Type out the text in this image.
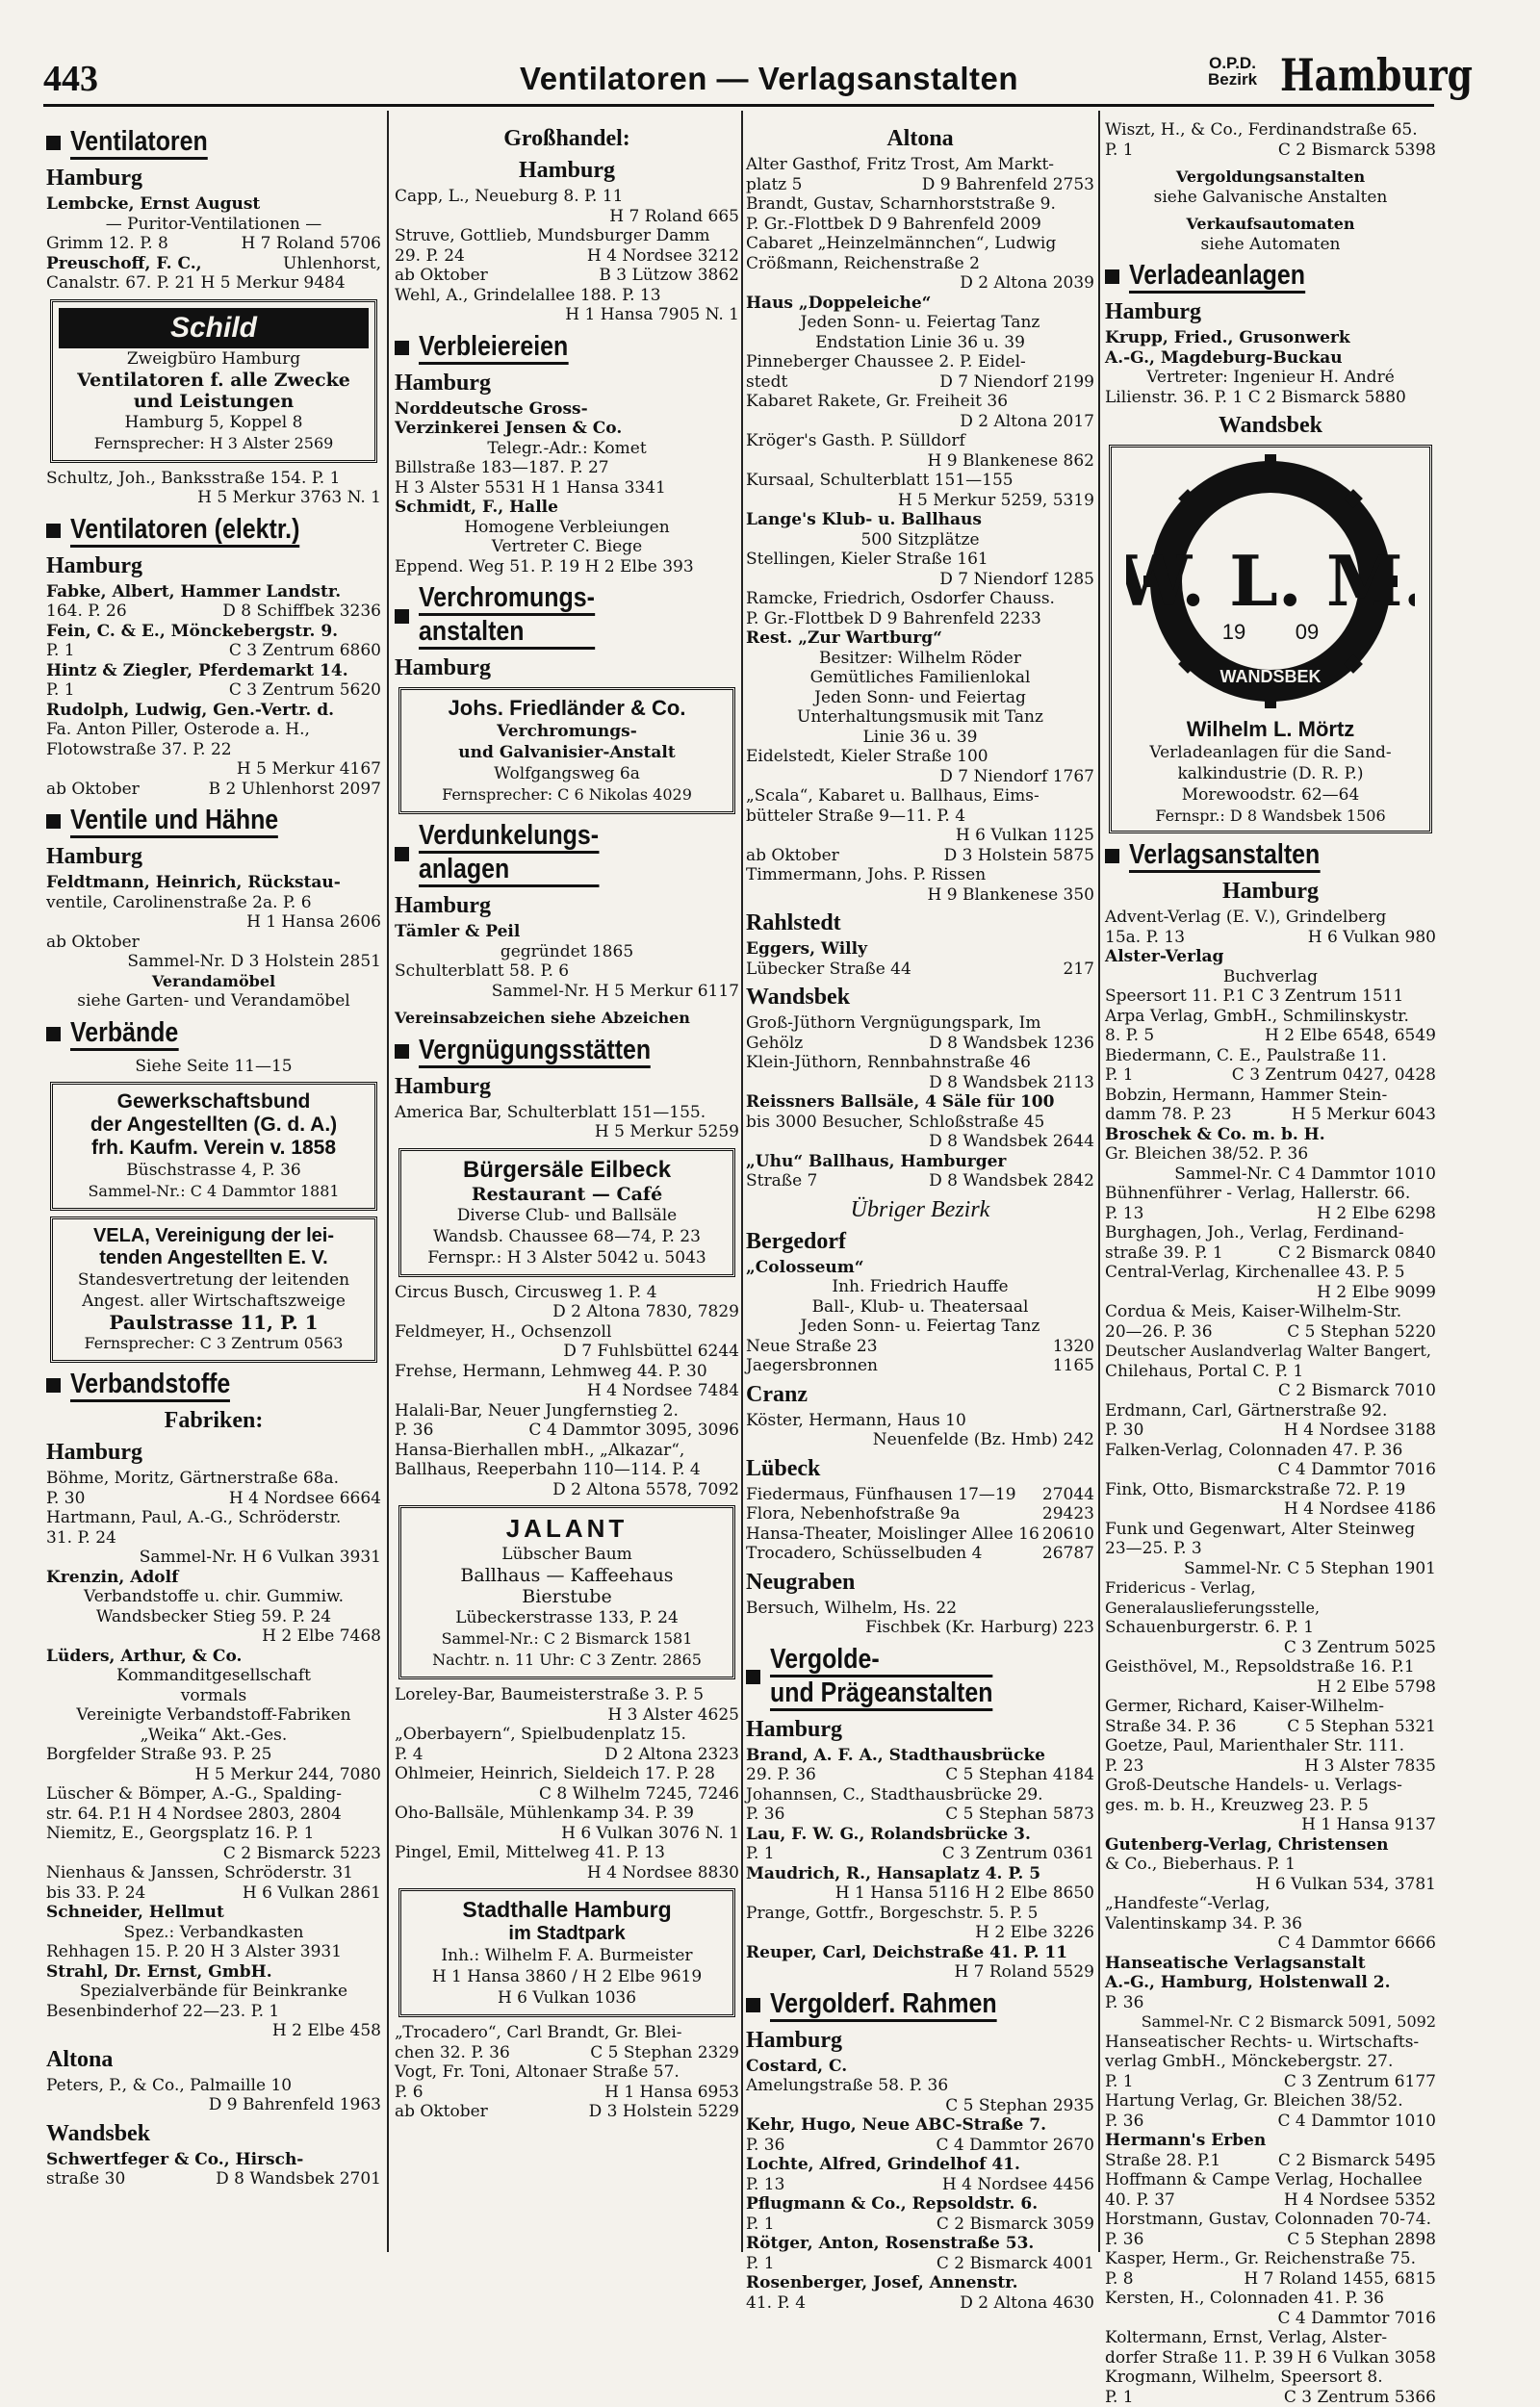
443	Ventilatoren — Verlagsanstalten	O.P.D.
Bezirk Hamburg
Ventilatoren
Hamburg
Lembcke, Ernst August
— Puritor-Ventilationen —
Grimm 12. P. 8	H 7 Roland 5706
Preuschoff, F. C.,	Uhlenhorst,
Canalstr. 67. P. 21 H 5 Merkur 9484
Schild
Zweigbüro Hamburg
Ventilatoren f. alle Zwecke
und Leistungen
Hamburg 5, Koppel 8
Fernsprecher: H 3 Alster 2569
Schultz, Joh., Banksstraße 154. P. 1
H 5 Merkur 3763 N. 1
Ventilatoren (elektr.)
Hamburg
Fabke, Albert, Hammer Landstr.
164. P. 26	D 8 Schiffbek 3236
Fein, C. & E., Mönckebergstr. 9.
P. 1	C 3 Zentrum 6860
Hintz & Ziegler, Pferdemarkt 14.
P. 1	C 3 Zentrum 5620
Rudolph, Ludwig, Gen.-Vertr. d.
Fa. Anton Piller, Osterode a. H.,
Flotowstraße 37. P. 22
H 5 Merkur 4167
ab Oktober	B 2 Uhlenhorst 2097
Ventile und Hähne
Hamburg
Feldtmann, Heinrich, Rückstau-
ventile, Carolinenstraße 2a. P. 6
H 1 Hansa 2606
ab Oktober
Sammel-Nr. D 3 Holstein 2851
Verandamöbel
siehe Garten- und Verandamöbel
Verbände
Siehe Seite 11—15
Gewerkschaftsbund
der Angestellten (G. d. A.)
frh. Kaufm. Verein v. 1858
Büschstrasse 4, P. 36
Sammel-Nr.: C 4 Dammtor 1881
VELA, Vereinigung der lei-
tenden Angestellten E. V.
Standesvertretung der leitenden
Angest. aller Wirtschaftszweige
Paulstrasse 11, P. 1
Fernsprecher: C 3 Zentrum 0563
Verbandstoffe
Fabriken:
Hamburg
Böhme, Moritz, Gärtnerstraße 68a.
P. 30	H 4 Nordsee 6664
Hartmann, Paul, A.-G., Schröderstr.
31. P. 24
Sammel-Nr. H 6 Vulkan 3931
Krenzin, Adolf
Verbandstoffe u. chir. Gummiw.
Wandsbecker Stieg 59. P. 24
H 2 Elbe 7468
Lüders, Arthur, & Co.
Kommanditgesellschaft
vormals
Vereinigte Verbandstoff-Fabriken
„Weika“ Akt.-Ges.
Borgfelder Straße 93. P. 25
H 5 Merkur 244, 7080
Lüscher & Bömper, A.-G., Spalding-
str. 64. P.1 H 4 Nordsee 2803, 2804
Niemitz, E., Georgsplatz 16. P. 1
C 2 Bismarck 5223
Nienhaus & Janssen, Schröderstr. 31
bis 33. P. 24	H 6 Vulkan 2861
Schneider, Hellmut
Spez.: Verbandkasten
Rehhagen 15. P. 20 H 3 Alster 3931
Strahl, Dr. Ernst, GmbH.
Spezialverbände für Beinkranke
Besenbinderhof 22—23. P. 1
H 2 Elbe 458
Altona
Peters, P., & Co., Palmaille 10
D 9 Bahrenfeld 1963
Wandsbek
Schwertfeger & Co., Hirsch-
straße 30	D 8 Wandsbek 2701
Großhandel:
Hamburg
Capp, L., Neueburg 8. P. 11
H 7 Roland 665
Struve, Gottlieb, Mundsburger Damm
29. P. 24	H 4 Nordsee 3212
ab Oktober	B 3 Lützow 3862
Wehl, A., Grindelallee 188. P. 13
H 1 Hansa 7905 N. 1
Verbleiereien
Hamburg
Norddeutsche Gross-
Verzinkerei Jensen & Co.
Telegr.-Adr.: Komet
Billstraße 183—187. P. 27
H 3 Alster 5531 H 1 Hansa 3341
Schmidt, F., Halle
Homogene Verbleiungen
Vertreter C. Biege
Eppend. Weg 51. P. 19 H 2 Elbe 393
Verchromungs-
anstalten
Hamburg
Johs. Friedländer & Co.
Verchromungs-
und Galvanisier-Anstalt
Wolfgangsweg 6a
Fernsprecher: C 6 Nikolas 4029
Verdunkelungs-
anlagen
Hamburg
Tämler & Peil
gegründet 1865
Schulterblatt 58. P. 6
Sammel-Nr. H 5 Merkur 6117
Vereinsabzeichen siehe Abzeichen
Vergnügungsstätten
Hamburg
America Bar, Schulterblatt 151—155.
H 5 Merkur 5259
Bürgersäle Eilbeck
Restaurant — Café
Diverse Club- und Ballsäle
Wandsb. Chaussee 68—74, P. 23
Fernspr.: H 3 Alster 5042 u. 5043
Circus Busch, Circusweg 1. P. 4
D 2 Altona 7830, 7829
Feldmeyer, H., Ochsenzoll
D 7 Fuhlsbüttel 6244
Frehse, Hermann, Lehmweg 44. P. 30
H 4 Nordsee 7484
Halali-Bar, Neuer Jungfernstieg 2.
P. 36	C 4 Dammtor 3095, 3096
Hansa-Bierhallen mbH., „Alkazar“,
Ballhaus, Reeperbahn 110—114. P. 4
D 2 Altona 5578, 7092
JALANT
Lübscher Baum
Ballhaus — Kaffeehaus
Bierstube
Lübeckerstrasse 133, P. 24
Sammel-Nr.: C 2 Bismarck 1581
Nachtr. n. 11 Uhr: C 3 Zentr. 2865
Loreley-Bar, Baumeisterstraße 3. P. 5
H 3 Alster 4625
„Oberbayern“, Spielbudenplatz 15.
P. 4	D 2 Altona 2323
Ohlmeier, Heinrich, Sieldeich 17. P. 28
C 8 Wilhelm 7245, 7246
Oho-Ballsäle, Mühlenkamp 34. P. 39
H 6 Vulkan 3076 N. 1
Pingel, Emil, Mittelweg 41. P. 13
H 4 Nordsee 8830
Stadthalle Hamburg
im Stadtpark
Inh.: Wilhelm F. A. Burmeister
H 1 Hansa 3860 / H 2 Elbe 9619
H 6 Vulkan 1036
„Trocadero“, Carl Brandt, Gr. Blei-
chen 32. P. 36	C 5 Stephan 2329
Vogt, Fr. Toni, Altonaer Straße 57.
P. 6	H 1 Hansa 6953
ab Oktober	D 3 Holstein 5229
Altona
Alter Gasthof, Fritz Trost, Am Markt-
platz 5	D 9 Bahrenfeld 2753
Brandt, Gustav, Scharnhorststraße 9.
P. Gr.-Flottbek D 9 Bahrenfeld 2009
Cabaret „Heinzelmännchen“, Ludwig
Crößmann, Reichenstraße 2
D 2 Altona 2039
Haus „Doppeleiche“
Jeden Sonn- u. Feiertag Tanz
Endstation Linie 36 u. 39
Pinneberger Chaussee 2. P. Eidel-
stedt	D 7 Niendorf 2199
Kabaret Rakete, Gr. Freiheit 36
D 2 Altona 2017
Kröger's Gasth. P. Sülldorf
H 9 Blankenese 862
Kursaal, Schulterblatt 151—155
H 5 Merkur 5259, 5319
Lange's Klub- u. Ballhaus
500 Sitzplätze
Stellingen, Kieler Straße 161
D 7 Niendorf 1285
Ramcke, Friedrich, Osdorfer Chauss.
P. Gr.-Flottbek D 9 Bahrenfeld 2233
Rest. „Zur Wartburg“
Besitzer: Wilhelm Röder
Gemütliches Familienlokal
Jeden Sonn- und Feiertag
Unterhaltungsmusik mit Tanz
Linie 36 u. 39
Eidelstedt, Kieler Straße 100
D 7 Niendorf 1767
„Scala“, Kabaret u. Ballhaus, Eims-
bütteler Straße 9—11. P. 4
H 6 Vulkan 1125
ab Oktober	D 3 Holstein 5875
Timmermann, Johs. P. Rissen
H 9 Blankenese 350
Rahlstedt
Eggers, Willy
Lübecker Straße 44	217
Wandsbek
Groß-Jüthorn Vergnügungspark, Im
Gehölz	D 8 Wandsbek 1236
Klein-Jüthorn, Rennbahnstraße 46
D 8 Wandsbek 2113
Reissners Ballsäle, 4 Säle für 100
bis 3000 Besucher, Schloßstraße 45
D 8 Wandsbek 2644
„Uhu“ Ballhaus, Hamburger
Straße 7	D 8 Wandsbek 2842
Übriger Bezirk
Bergedorf
„Colosseum“
Inh. Friedrich Hauffe
Ball-, Klub- u. Theatersaal
Jeden Sonn- u. Feiertag Tanz
Neue Straße 23	1320
Jaegersbronnen	1165
Cranz
Köster, Hermann, Haus 10
Neuenfelde (Bz. Hmb) 242
Lübeck
Fiedermaus, Fünfhausen 17—19 27044
Flora, Nebenhofstraße 9a	29423
Hansa-Theater, Moislinger Allee 16 20610
Trocadero, Schüsselbuden 4	26787
Neugraben
Bersuch, Wilhelm, Hs. 22
Fischbek (Kr. Harburg) 223
Vergolde-
und Prägeanstalten
Hamburg
Brand, A. F. A., Stadthausbrücke
29. P. 36	C 5 Stephan 4184
Johannsen, C., Stadthausbrücke 29.
P. 36	C 5 Stephan 5873
Lau, F. W. G., Rolandsbrücke 3.
P. 1	C 3 Zentrum 0361
Maudrich, R., Hansaplatz 4. P. 5
H 1 Hansa 5116 H 2 Elbe 8650
Prange, Gottfr., Borgeschstr. 5. P. 5
H 2 Elbe 3226
Reuper, Carl, Deichstraße 41. P. 11
H 7 Roland 5529
Vergolderf. Rahmen
Hamburg
Costard, C.
Amelungstraße 58. P. 36
C 5 Stephan 2935
Kehr, Hugo, Neue ABC-Straße 7.
P. 36	C 4 Dammtor 2670
Lochte, Alfred, Grindelhof 41.
P. 13	H 4 Nordsee 4456
Pflugmann & Co., Repsoldstr. 6.
P. 1	C 2 Bismarck 3059
Rötger, Anton, Rosenstraße 53.
P. 1	C 2 Bismarck 4001
Rosenberger, Josef, Annenstr.
41. P. 4	D 2 Altona 4630
Wiszt, H., & Co., Ferdinandstraße 65.
P. 1	C 2 Bismarck 5398
Vergoldungsanstalten
siehe Galvanische Anstalten
Verkaufsautomaten
siehe Automaten
Verladeanlagen
Hamburg
Krupp, Fried., Grusonwerk
A.-G., Magdeburg-Buckau
Vertreter: Ingenieur H. André
Lilienstr. 36. P. 1 C 2 Bismarck 5880
Wandsbek
W. L. M.
19 09
WANDSBEK
Wilhelm L. Mörtz
Verladeanlagen für die Sand-
kalkindustrie (D. R. P.)
Morewoodstr. 62—64
Fernspr.: D 8 Wandsbek 1506
Verlagsanstalten
Hamburg
Advent-Verlag (E. V.), Grindelberg
15a. P. 13	H 6 Vulkan 980
Alster-Verlag
Buchverlag
Speersort 11. P.1 C 3 Zentrum 1511
Arpa Verlag, GmbH., Schmilinskystr.
8. P. 5	H 2 Elbe 6548, 6549
Biedermann, C. E., Paulstraße 11.
P. 1	C 3 Zentrum 0427, 0428
Bobzin, Hermann, Hammer Stein-
damm 78. P. 23	H 5 Merkur 6043
Broschek & Co. m. b. H.
Gr. Bleichen 38/52. P. 36
Sammel-Nr. C 4 Dammtor 1010
Bühnenführer - Verlag, Hallerstr. 66.
P. 13	H 2 Elbe 6298
Burghagen, Joh., Verlag, Ferdinand-
straße 39. P. 1	C 2 Bismarck 0840
Central-Verlag, Kirchenallee 43. P. 5
H 2 Elbe 9099
Cordua & Meis, Kaiser-Wilhelm-Str.
20—26. P. 36	C 5 Stephan 5220
Deutscher Auslandverlag Walter Bangert,
Chilehaus, Portal C. P. 1
C 2 Bismarck 7010
Erdmann, Carl, Gärtnerstraße 92.
P. 30	H 4 Nordsee 3188
Falken-Verlag, Colonnaden 47. P. 36
C 4 Dammtor 7016
Fink, Otto, Bismarckstraße 72. P. 19
H 4 Nordsee 4186
Funk und Gegenwart, Alter Steinweg
23—25. P. 3
Sammel-Nr. C 5 Stephan 1901
Fridericus - Verlag, Generalauslieferungsstelle,
Schauenburgerstr. 6. P. 1
C 3 Zentrum 5025
Geisthövel, M., Repsoldstraße 16. P.1
H 2 Elbe 5798
Germer, Richard, Kaiser-Wilhelm-
Straße 34. P. 36	C 5 Stephan 5321
Goetze, Paul, Marienthaler Str. 111.
P. 23	H 3 Alster 7835
Groß-Deutsche Handels- u. Verlags-
ges. m. b. H., Kreuzweg 23. P. 5
H 1 Hansa 9137
Gutenberg-Verlag, Christensen
& Co., Bieberhaus. P. 1
H 6 Vulkan 534, 3781
„Handfeste“-Verlag,
Valentinskamp 34. P. 36
C 4 Dammtor 6666
Hanseatische Verlagsanstalt
A.-G., Hamburg, Holstenwall 2.
P. 36
Sammel-Nr. C 2 Bismarck 5091, 5092
Hanseatischer Rechts- u. Wirtschafts-
verlag GmbH., Mönckebergstr. 27.
P. 1	C 3 Zentrum 6177
Hartung Verlag, Gr. Bleichen 38/52.
P. 36	C 4 Dammtor 1010
Hermann's Erben
Straße 28. P.1	C 2 Bismarck 5495
Hoffmann & Campe Verlag, Hochallee
40. P. 37	H 4 Nordsee 5352
Horstmann, Gustav, Colonnaden 70-74.
P. 36	C 5 Stephan 2898
Kasper, Herm., Gr. Reichenstraße 75.
P. 8	H 7 Roland 1455, 6815
Kersten, H., Colonnaden 41. P. 36
C 4 Dammtor 7016
Koltermann, Ernst, Verlag, Alster-
dorfer Straße 11. P. 39 H 6 Vulkan 3058
Krogmann, Wilhelm, Speersort 8.
P. 1	C 3 Zentrum 5366
